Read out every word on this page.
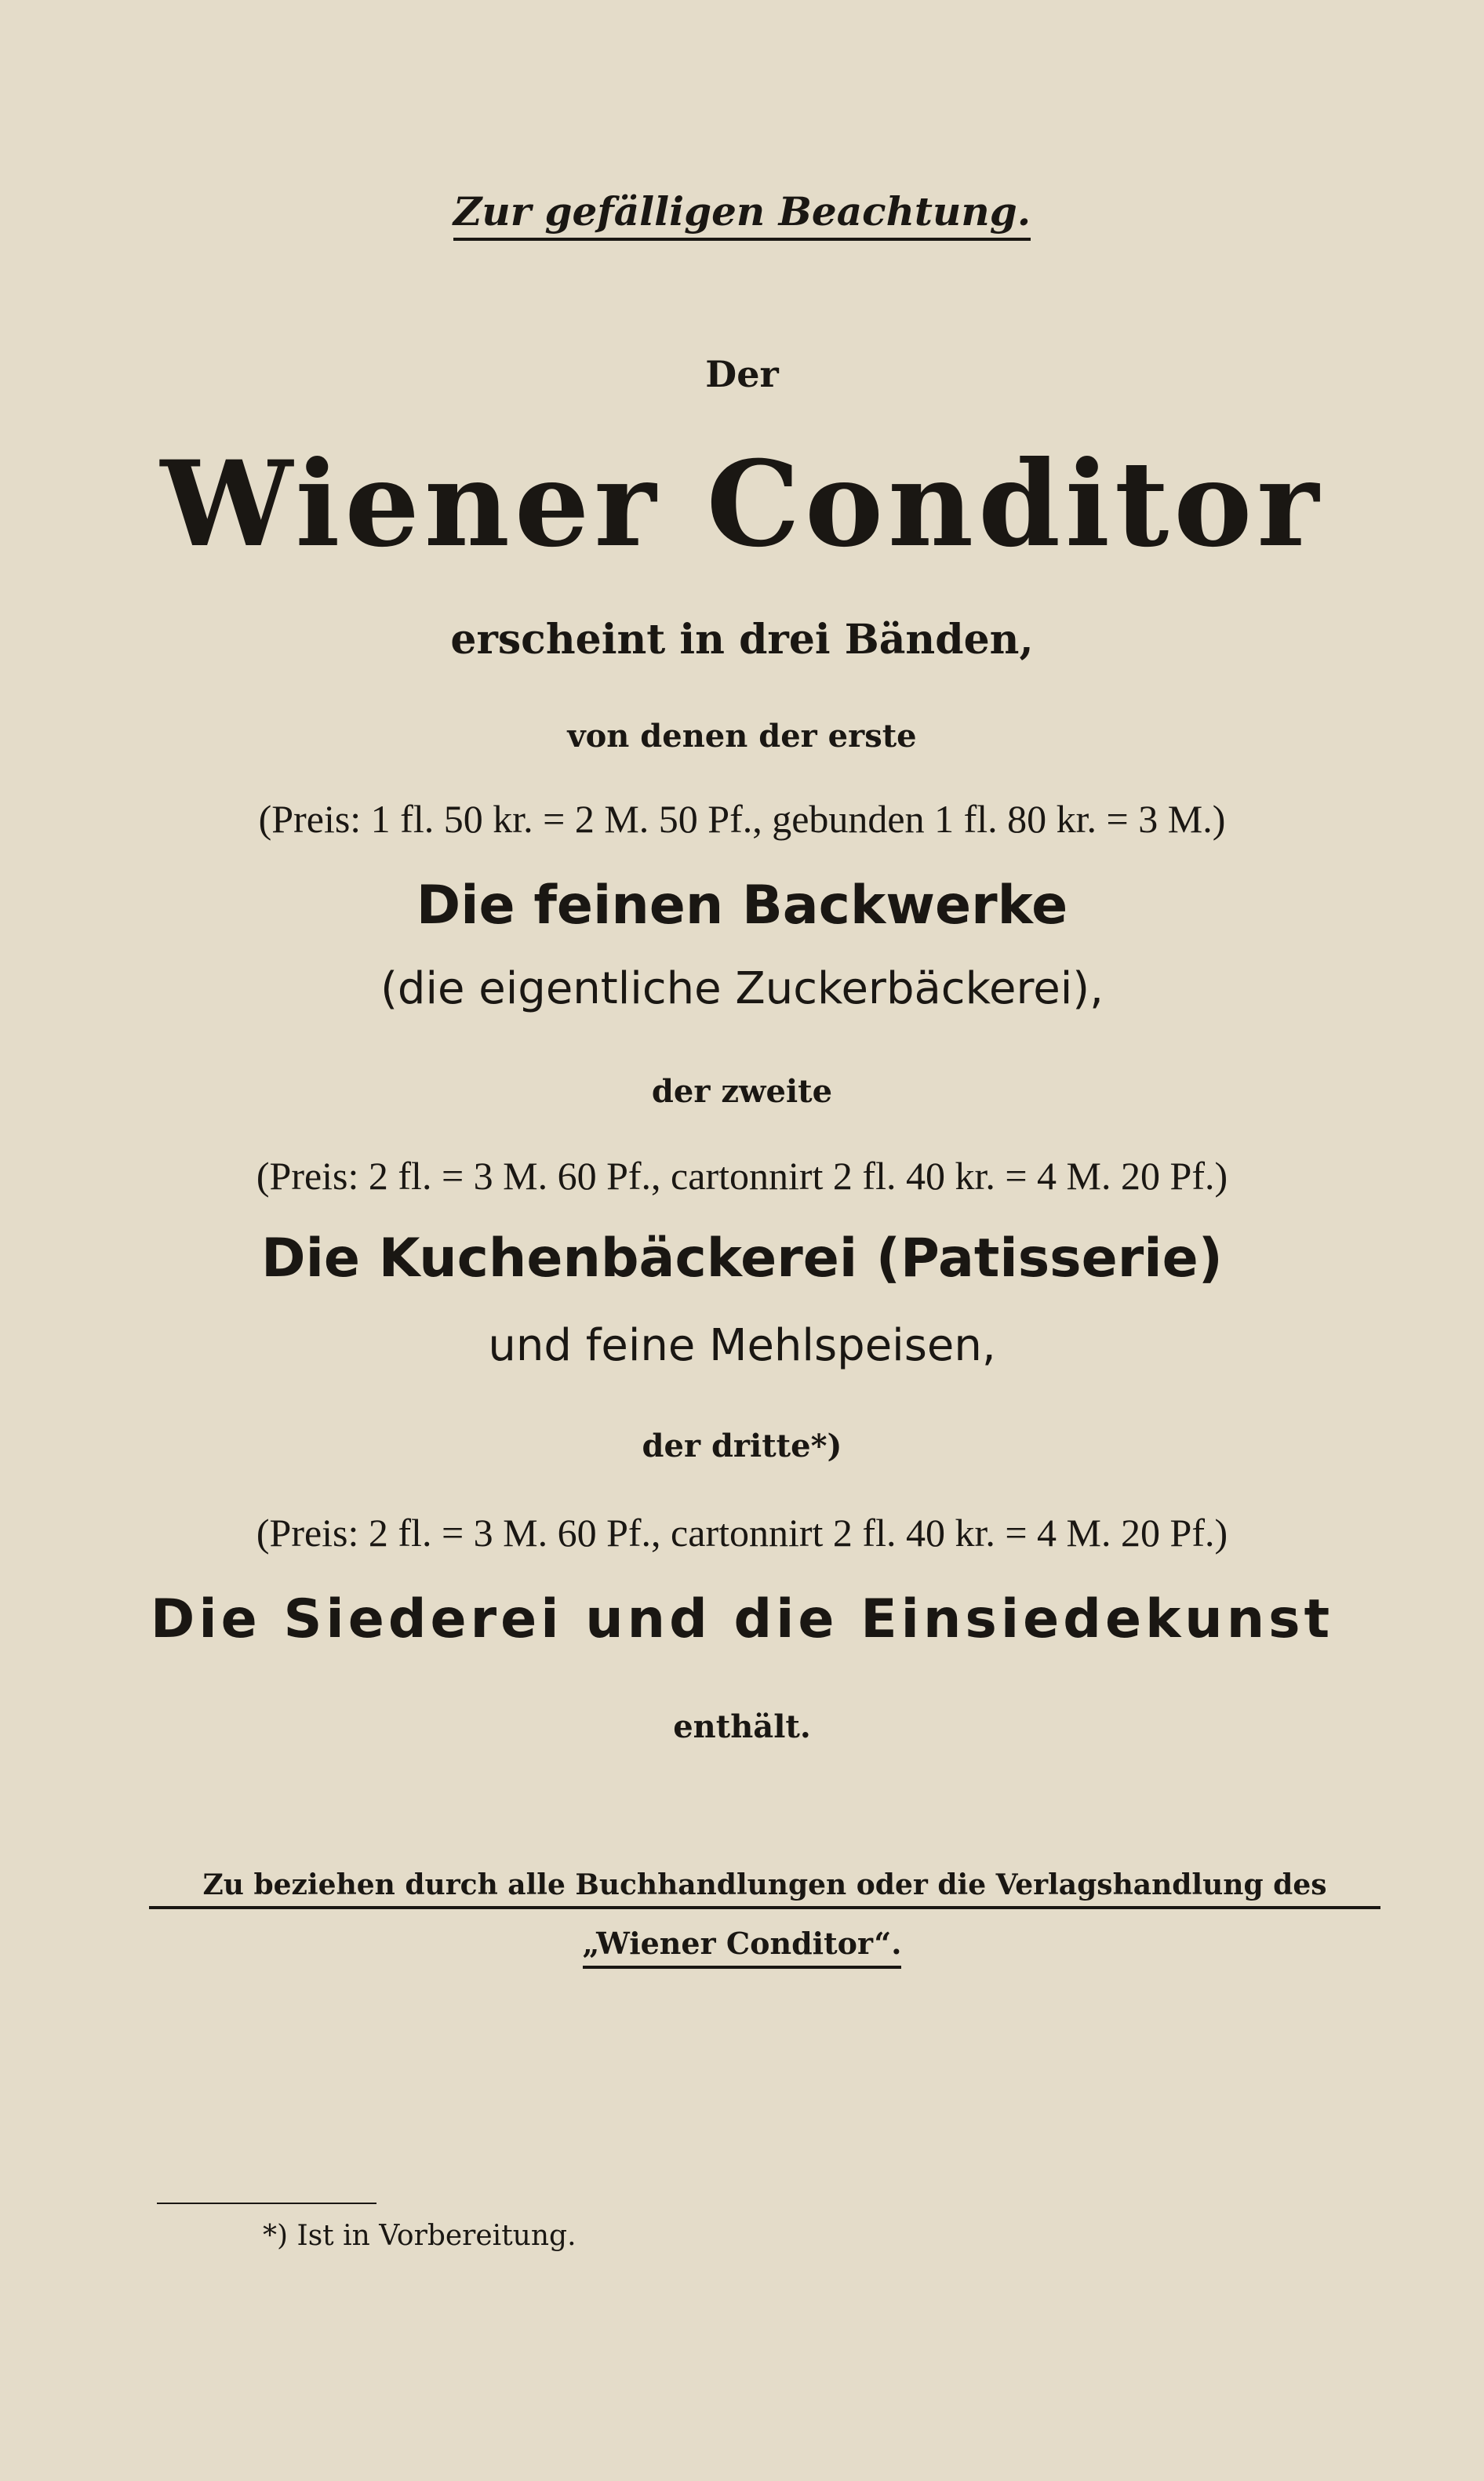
Zur gefälligen Beachtung.
Der
Wiener Conditor
erscheint in drei Bänden,
von denen der erste
(Preis: 1 fl. 50 kr. = 2 M. 50 Pf., gebunden 1 fl. 80 kr. = 3 M.)
Die feinen Backwerke
(die eigentliche Zuckerbäckerei),
der zweite
(Preis: 2 fl. = 3 M. 60 Pf., cartonnirt 2 fl. 40 kr. = 4 M. 20 Pf.)
Die Kuchenbäckerei (Patisserie)
und feine Mehlspeisen,
der dritte*)
(Preis: 2 fl. = 3 M. 60 Pf., cartonnirt 2 fl. 40 kr. = 4 M. 20 Pf.)
Die Siederei und die Einsiedekunst
enthält.
Zu beziehen durch alle Buchhandlungen oder die Verlagshandlung des
„Wiener Conditor“.
*) Ist in Vorbereitung.
